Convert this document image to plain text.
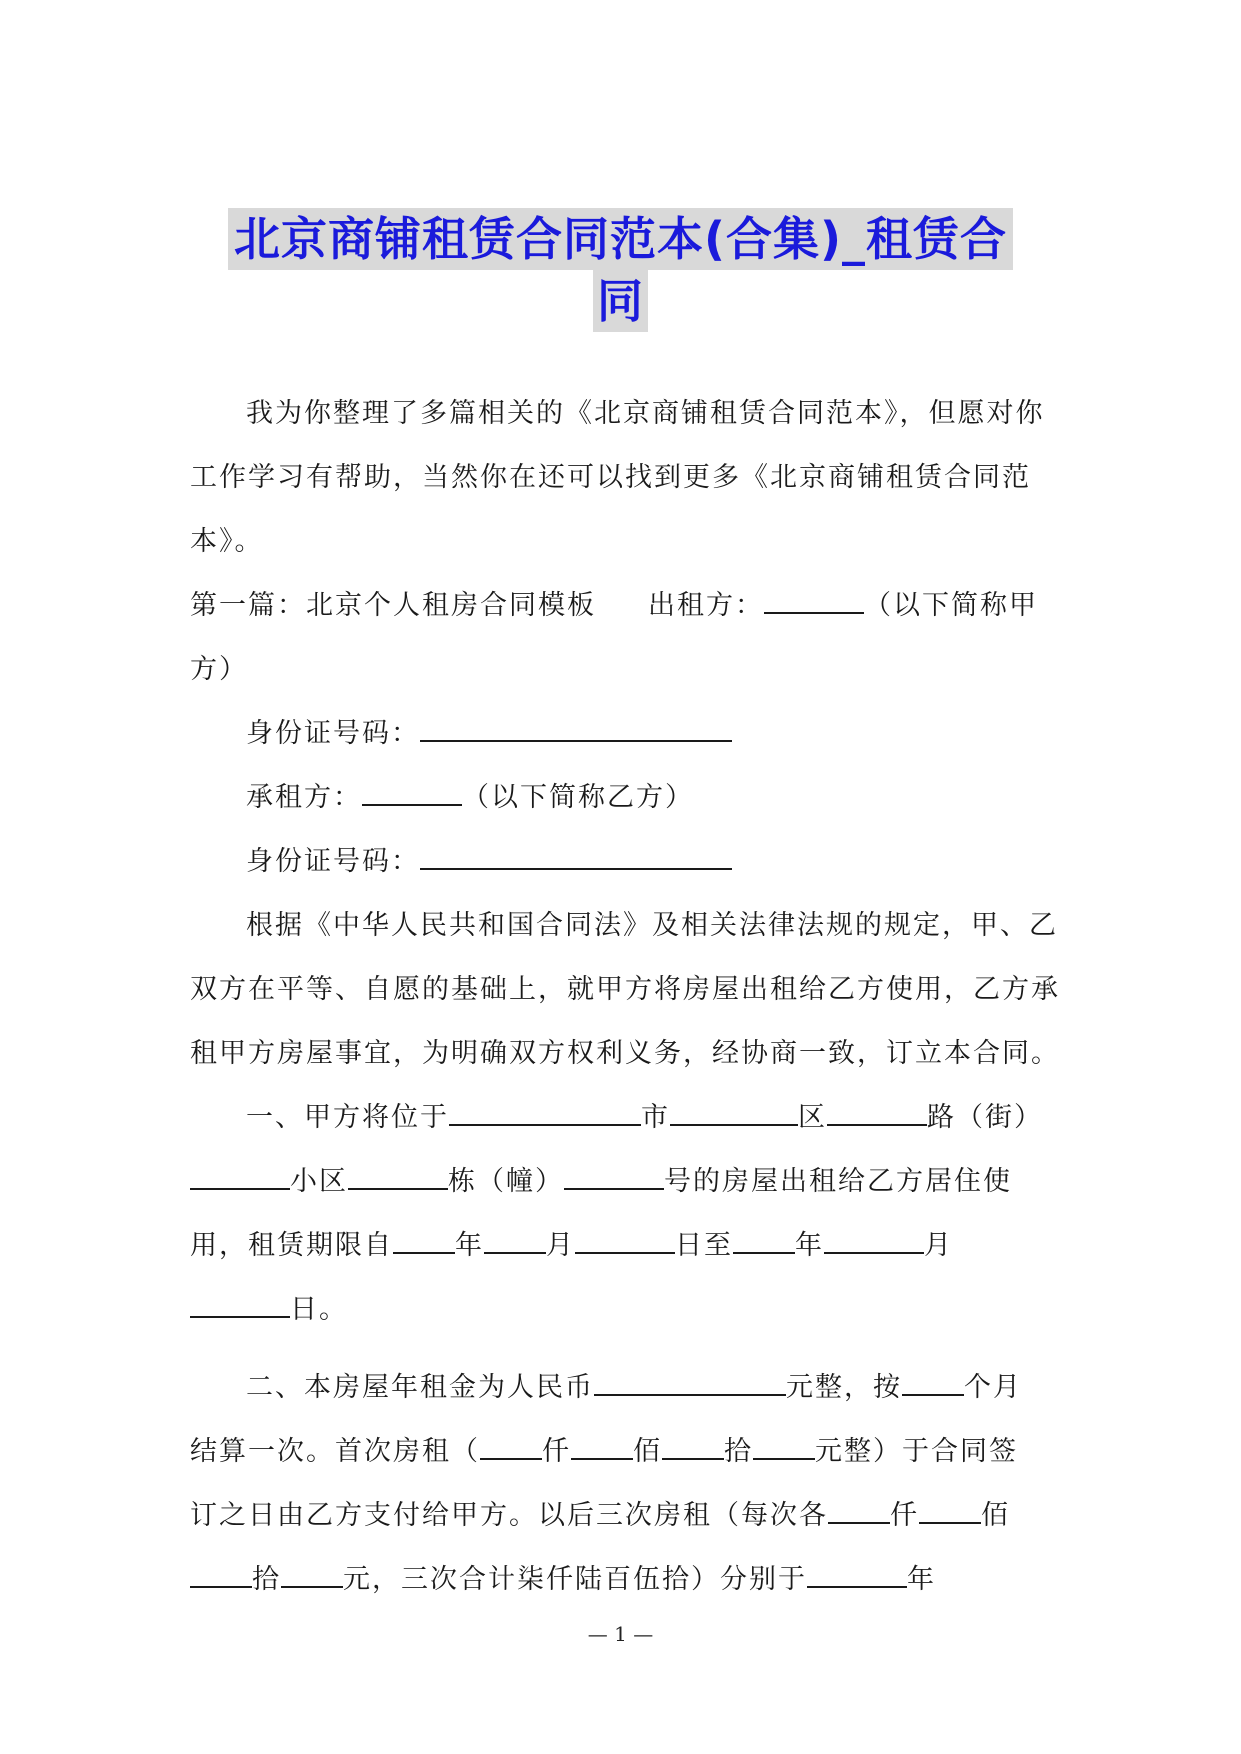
北京商铺租赁合同范本(合集)_租赁合
同

我为你整理了多篇相关的《北京商铺租赁合同范本》，但愿对你

工作学习有帮助，当然你在还可以找到更多《北京商铺租赁合同范

本》。

第一篇：北京个人租房合同模板 出租方：	（以下简称甲

方）

身份证号码：

承租方：	（以下简称乙方）

身份证号码：

根据《中华人民共和国合同法》及相关法律法规的规定，甲、乙

双方在平等、自愿的基础上，就甲方将房屋出租给乙方使用，乙方承

租甲方房屋事宜，为明确双方权利义务，经协商一致，订立本合同。

一、甲方将位于	市	区	路（街）

小区	栋（幢）	号的房屋出租给乙方居住使

用，租赁期限自 年 月	日至 年	月

日。

二、本房屋年租金为人民币	元整，按 个月

结算一次。首次房租（ 仟 佰 拾 元整）于合同签

订之日由乙方支付给甲方。以后三次房租（每次各 仟 佰

拾 元，三次合计柒仟陆百伍拾）分别于	年

— 1 —
